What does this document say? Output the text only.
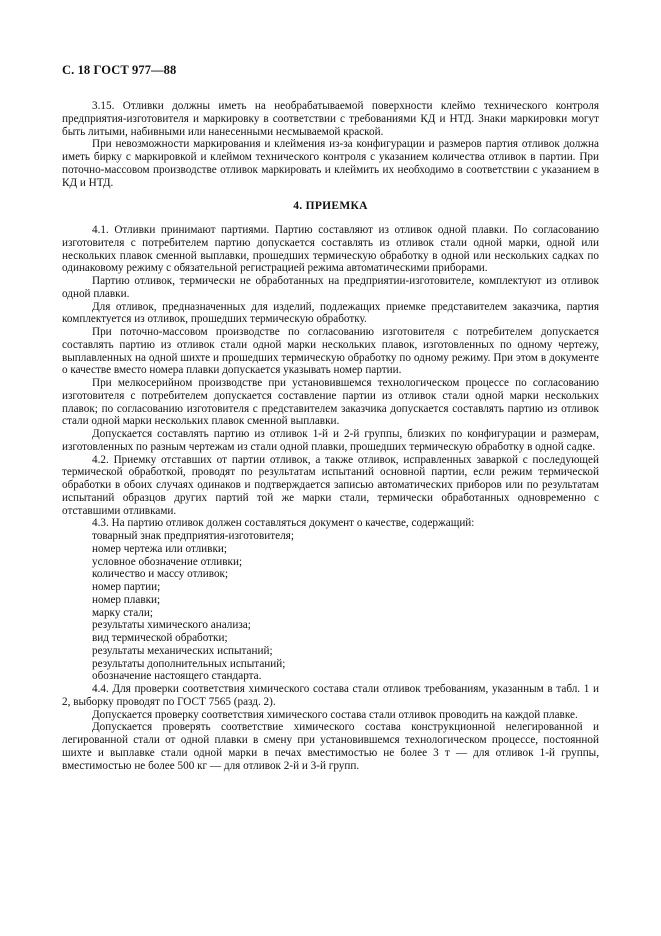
С. 18 ГОСТ 977—88

3.15. Отливки должны иметь на необрабатываемой поверхности клеймо технического контроля предприятия-изготовителя и маркировку в соответствии с требованиями КД и НТД. Знаки маркировки могут быть литыми, набивными или нанесенными несмываемой краской.

При невозможности маркирования и клеймения из-за конфигурации и размеров партия отливок должна иметь бирку с маркировкой и клеймом технического контроля с указанием количества отливок в партии. При поточно-массовом производстве отливок маркировать и клеймить их необходимо в соответствии с указанием в КД и НТД.

4. ПРИЕМКА

4.1. Отливки принимают партиями. Партию составляют из отливок одной плавки. По согласованию изготовителя с потребителем партию допускается составлять из отливок стали одной марки, одной или нескольких плавок сменной выплавки, прошедших термическую обработку в одной или нескольких садках по одинаковому режиму с обязательной регистрацией режима автоматическими приборами.

Партию отливок, термически не обработанных на предприятии-изготовителе, комплектуют из отливок одной плавки.

Для отливок, предназначенных для изделий, подлежащих приемке представителем заказчика, партия комплектуется из отливок, прошедших термическую обработку.

При поточно-массовом производстве по согласованию изготовителя с потребителем допускается составлять партию из отливок стали одной марки нескольких плавок, изготовленных по одному чертежу, выплавленных на одной шихте и прошедших термическую обработку по одному режиму. При этом в документе о качестве вместо номера плавки допускается указывать номер партии.

При мелкосерийном производстве при установившемся технологическом процессе по согласованию изготовителя с потребителем допускается составление партии из отливок стали одной марки нескольких плавок; по согласованию изготовителя с представителем заказчика допускается составлять партию из отливок стали одной марки нескольких плавок сменной выплавки.

Допускается составлять партию из отливок 1-й и 2-й группы, близких по конфигурации и размерам, изготовленных по разным чертежам из стали одной плавки, прошедших термическую обработку в одной садке.

4.2. Приемку отставших от партии отливок, а также отливок, исправленных заваркой с последующей термической обработкой, проводят по результатам испытаний основной партии, если режим термической обработки в обоих случаях одинаков и подтверждается записью автоматических приборов или по результатам испытаний образцов других партий той же марки стали, термически обработанных одновременно с отставшими отливками.

4.3. На партию отливок должен составляться документ о качестве, содержащий:

товарный знак предприятия-изготовителя;
номер чертежа или отливки;
условное обозначение отливки;
количество и массу отливок;
номер партии;
номер плавки;
марку стали;
результаты химического анализа;
вид термической обработки;
результаты механических испытаний;
результаты дополнительных испытаний;
обозначение настоящего стандарта.

4.4. Для проверки соответствия химического состава стали отливок требованиям, указанным в табл. 1 и 2, выборку проводят по ГОСТ 7565 (разд. 2).

Допускается проверку соответствия химического состава стали отливок проводить на каждой плавке.

Допускается проверять соответствие химического состава конструкционной нелегированной и легированной стали от одной плавки в смену при установившемся технологическом процессе, постоянной шихте и выплавке стали одной марки в печах вместимостью не более 3 т — для отливок 1-й группы, вместимостью не более 500 кг — для отливок 2-й и 3-й групп.
